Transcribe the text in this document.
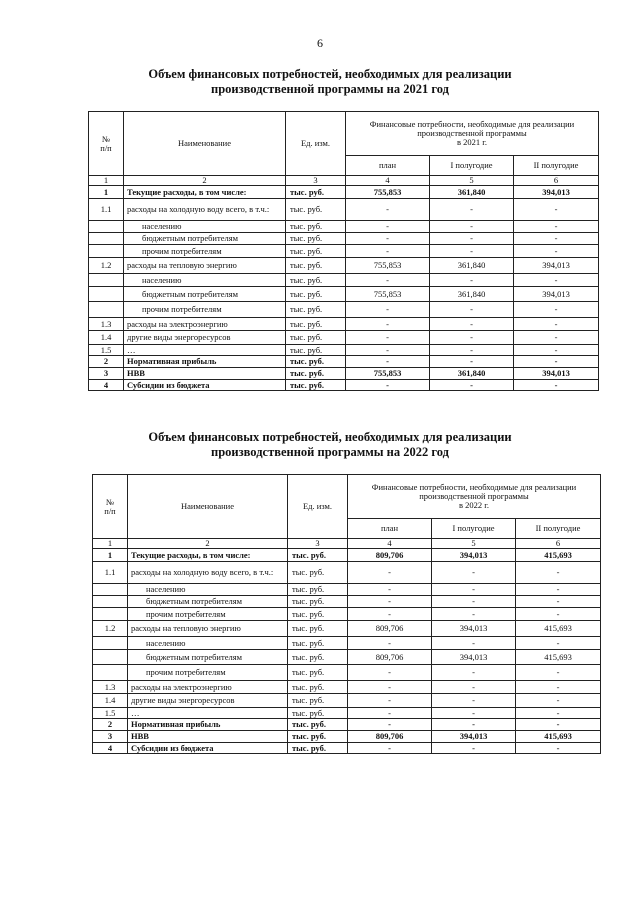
6
Объем финансовых потребностей, необходимых для реализации
производственной программы на 2021 год
№
п/п	Наименование	Ед. изм.	Финансовые потребности, необходимые для реализации
производственной программы
в 2021 г.		

			план	I полугодие	II полугодие
1	2	3	4	5	6
1	Текущие расходы, в том числе:	тыс. руб.	755,853	361,840	394,013
1.1	расходы на холодную воду всего, в т.ч.:	тыс. руб.	-	-	-
	населению	тыс. руб.	-	-	-
	бюджетным потребителям	тыс. руб.	-	-	-
	прочим потребителям	тыс. руб.	-	-	-
1.2	расходы на тепловую энергию	тыс. руб.	755,853	361,840	394,013
	населению	тыс. руб.	-	-	-
	бюджетным потребителям	тыс. руб.	755,853	361,840	394,013
	прочим потребителям	тыс. руб.	-	-	-
1.3	расходы на электроэнергию	тыс. руб.	-	-	-
1.4	другие виды энергоресурсов	тыс. руб.	-	-	-
1.5	…	тыс. руб.	-	-	-
2	Нормативная прибыль	тыс. руб.	-	-	-
3	НВВ	тыс. руб.	755,853	361,840	394,013
4	Субсидии из бюджета	тыс. руб.	-	-	-
Объем финансовых потребностей, необходимых для реализации
производственной программы на 2022 год
№
п/п	Наименование	Ед. изм.	Финансовые потребности, необходимые для реализации
производственной программы
в 2022 г.		

			план	I полугодие	II полугодие
1	2	3	4	5	6
1	Текущие расходы, в том числе:	тыс. руб.	809,706	394,013	415,693
1.1	расходы на холодную воду всего, в т.ч.:	тыс. руб.	-	-	-
	населению	тыс. руб.	-	-	-
	бюджетным потребителям	тыс. руб.	-	-	-
	прочим потребителям	тыс. руб.	-	-	-
1.2	расходы на тепловую энергию	тыс. руб.	809,706	394,013	415,693
	населению	тыс. руб.	-	-	-
	бюджетным потребителям	тыс. руб.	809,706	394,013	415,693
	прочим потребителям	тыс. руб.	-	-	-
1.3	расходы на электроэнергию	тыс. руб.	-	-	-
1.4	другие виды энергоресурсов	тыс. руб.	-	-	-
1.5	…	тыс. руб.	-	-	-
2	Нормативная прибыль	тыс. руб.	-	-	-
3	НВВ	тыс. руб.	809,706	394,013	415,693
4	Субсидии из бюджета	тыс. руб.	-	-	-
